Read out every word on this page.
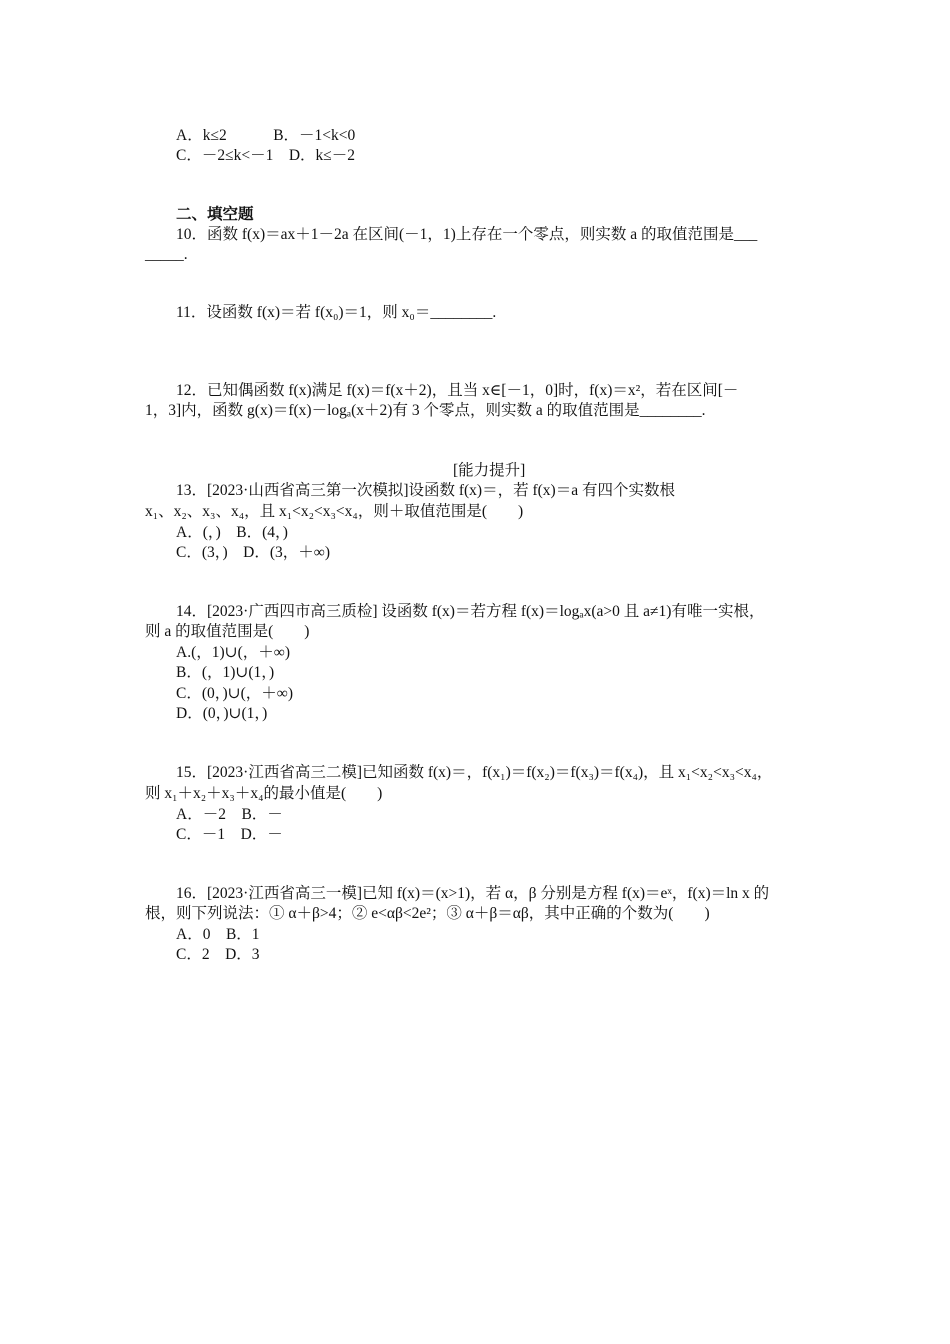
A．k≤2　　　B．－1<k<0
C．－2≤k<－1　D．k≤－2
二、填空题
10．函数 f(x)＝ax＋1－2a 在区间(－1，1)上存在一个零点，则实数 a 的取值范围是___
_____.
11．设函数 f(x)＝若 f(x₀)＝1，则 x₀＝________.
12．已知偶函数 f(x)满足 f(x)＝f(x＋2)，且当 x∈[－1，0]时，f(x)＝x²，若在区间[－
1，3]内，函数 g(x)＝f(x)－logₐ(x＋2)有 3 个零点，则实数 a 的取值范围是________.
[能力提升]
13．[2023·山西省高三第一次模拟]设函数 f(x)＝，若 f(x)＝a 有四个实数根
x₁、x₂、x₃、x₄，且 x₁<x₂<x₃<x₄，则＋取值范围是(　　)
A．(，)　B．(4，)
C．(3，)　D．(3，＋∞)
14．[2023·广西四市高三质检] 设函数 f(x)＝若方程 f(x)＝logₐx(a>0 且 a≠1)有唯一实根，
则 a 的取值范围是(　　)
A.(，1)∪(，＋∞)
B．(，1)∪(1，)
C．(0，)∪(，＋∞)
D．(0，)∪(1，)
15．[2023·江西省高三二模]已知函数 f(x)＝，f(x₁)＝f(x₂)＝f(x₃)＝f(x₄)，且 x₁<x₂<x₃<x₄，
则 x₁＋x₂＋x₃＋x₄的最小值是(　　)
A．－2　B．－
C．－1　D．－
16．[2023·江西省高三一模]已知 f(x)＝(x>1)，若 α，β 分别是方程 f(x)＝eˣ，f(x)＝ln x 的
根，则下列说法：① α＋β>4；② e<αβ<2e²；③ α＋β＝αβ，其中正确的个数为(　　)
A．0　B．1
C．2　D．3
